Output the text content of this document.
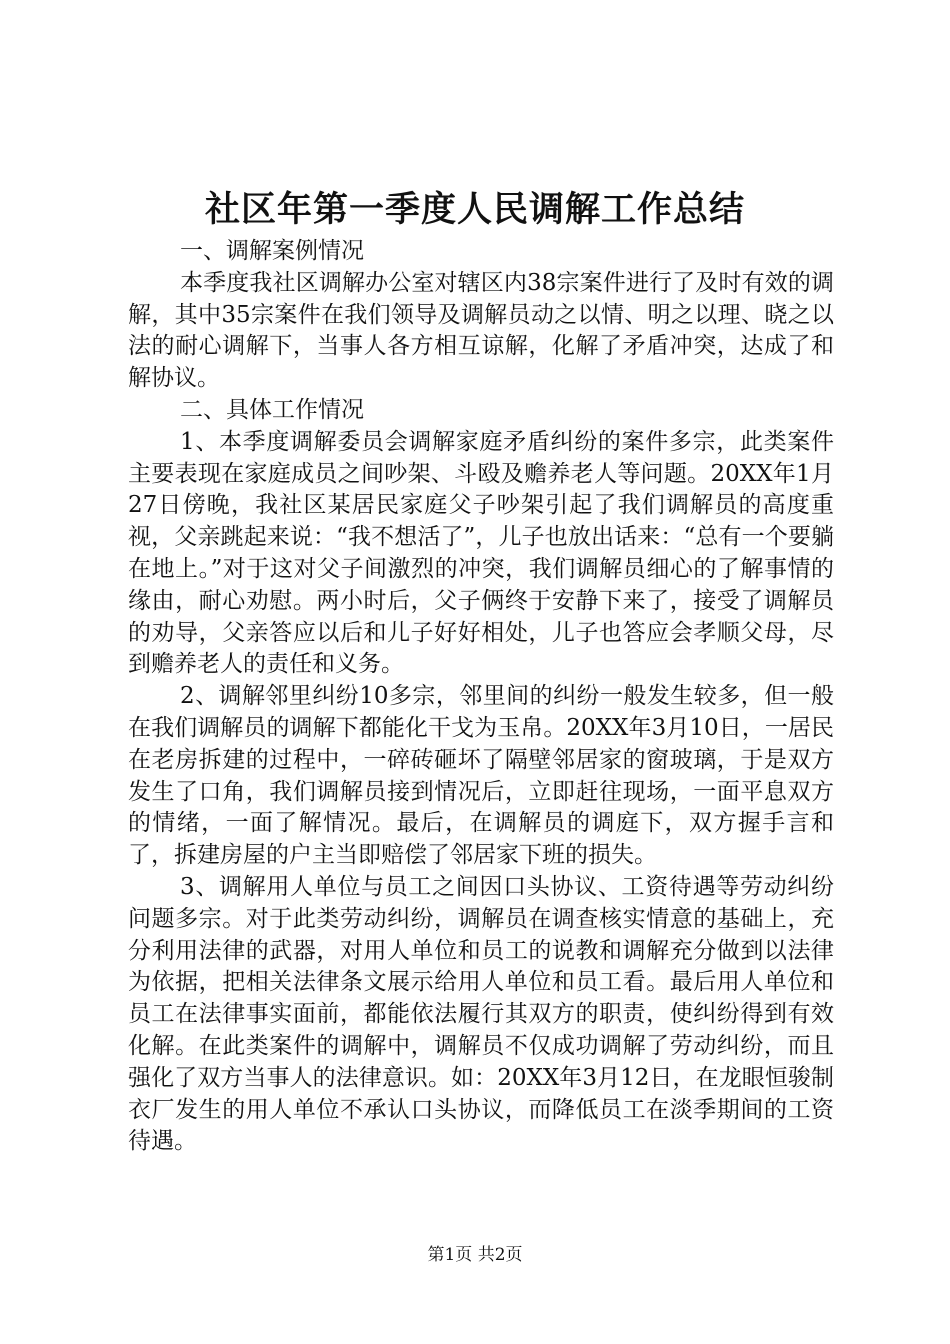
社区年第一季度人民调解工作总结

一、调解案例情况

本季度我社区调解办公室对辖区内38宗案件进行了及时有效的调解，其中35宗案件在我们领导及调解员动之以情、明之以理、晓之以法的耐心调解下，当事人各方相互谅解，化解了矛盾冲突，达成了和解协议。

二、具体工作情况

1、本季度调解委员会调解家庭矛盾纠纷的案件多宗，此类案件主要表现在家庭成员之间吵架、斗殴及赡养老人等问题。20XX年1月27日傍晚，我社区某居民家庭父子吵架引起了我们调解员的高度重视，父亲跳起来说：“我不想活了”，儿子也放出话来：“总有一个要躺在地上。”对于这对父子间激烈的冲突，我们调解员细心的了解事情的缘由，耐心劝慰。两小时后，父子俩终于安静下来了，接受了调解员的劝导，父亲答应以后和儿子好好相处，儿子也答应会孝顺父母，尽到赡养老人的责任和义务。

2、调解邻里纠纷10多宗，邻里间的纠纷一般发生较多，但一般在我们调解员的调解下都能化干戈为玉帛。20XX年3月10日，一居民在老房拆建的过程中，一碎砖砸坏了隔壁邻居家的窗玻璃，于是双方发生了口角，我们调解员接到情况后，立即赶往现场，一面平息双方的情绪，一面了解情况。最后，在调解员的调庭下，双方握手言和了，拆建房屋的户主当即赔偿了邻居家下班的损失。

3、调解用人单位与员工之间因口头协议、工资待遇等劳动纠纷问题多宗。对于此类劳动纠纷，调解员在调查核实情意的基础上，充分利用法律的武器，对用人单位和员工的说教和调解充分做到以法律为依据，把相关法律条文展示给用人单位和员工看。最后用人单位和员工在法律事实面前，都能依法履行其双方的职责，使纠纷得到有效化解。在此类案件的调解中，调解员不仅成功调解了劳动纠纷，而且强化了双方当事人的法律意识。如：20XX年3月12日，在龙眼恒骏制衣厂发生的用人单位不承认口头协议，而降低员工在淡季期间的工资待遇。

第1页 共2页
